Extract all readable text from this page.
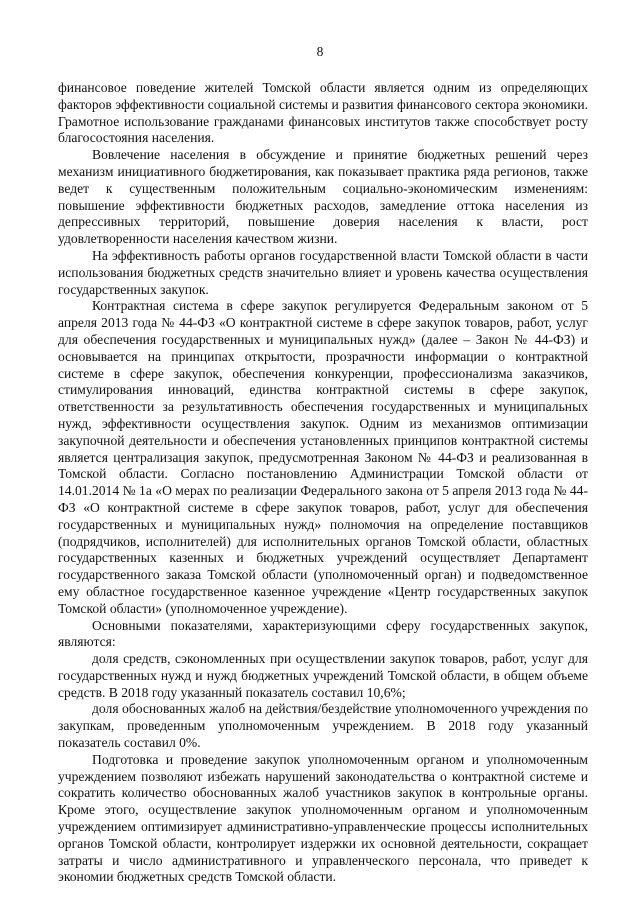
8

финансовое поведение жителей Томской области является одним из определяющих факторов эффективности социальной системы и развития финансового сектора экономики. Грамотное использование гражданами финансовых институтов также способствует росту благосостояния населения.

Вовлечение населения в обсуждение и принятие бюджетных решений через механизм инициативного бюджетирования, как показывает практика ряда регионов, также ведет к существенным положительным социально-экономическим изменениям: повышение эффективности бюджетных расходов, замедление оттока населения из депрессивных территорий, повышение доверия населения к власти, рост удовлетворенности населения качеством жизни.

На эффективность работы органов государственной власти Томской области в части использования бюджетных средств значительно влияет и уровень качества осуществления государственных закупок.

Контрактная система в сфере закупок регулируется Федеральным законом от 5 апреля 2013 года № 44-ФЗ «О контрактной системе в сфере закупок товаров, работ, услуг для обеспечения государственных и муниципальных нужд» (далее – Закон № 44-ФЗ) и основывается на принципах открытости, прозрачности информации о контрактной системе в сфере закупок, обеспечения конкуренции, профессионализма заказчиков, стимулирования инноваций, единства контрактной системы в сфере закупок, ответственности за результативность обеспечения государственных и муниципальных нужд, эффективности осуществления закупок. Одним из механизмов оптимизации закупочной деятельности и обеспечения установленных принципов контрактной системы является централизация закупок, предусмотренная Законом № 44-ФЗ и реализованная в Томской области. Согласно постановлению Администрации Томской области от 14.01.2014 № 1а «О мерах по реализации Федерального закона от 5 апреля 2013 года № 44-ФЗ «О контрактной системе в сфере закупок товаров, работ, услуг для обеспечения государственных и муниципальных нужд» полномочия на определение поставщиков (подрядчиков, исполнителей) для исполнительных органов Томской области, областных государственных казенных и бюджетных учреждений осуществляет Департамент государственного заказа Томской области (уполномоченный орган) и подведомственное ему областное государственное казенное учреждение «Центр государственных закупок Томской области» (уполномоченное учреждение).

Основными показателями, характеризующими сферу государственных закупок, являются:

доля средств, сэкономленных при осуществлении закупок товаров, работ, услуг для государственных нужд и нужд бюджетных учреждений Томской области, в общем объеме средств. В 2018 году указанный показатель составил 10,6%;

доля обоснованных жалоб на действия/бездействие уполномоченного учреждения по закупкам, проведенным уполномоченным учреждением. В 2018 году указанный показатель составил 0%.

Подготовка и проведение закупок уполномоченным органом и уполномоченным учреждением позволяют избежать нарушений законодательства о контрактной системе и сократить количество обоснованных жалоб участников закупок в контрольные органы. Кроме этого, осуществление закупок уполномоченным органом и уполномоченным учреждением оптимизирует административно-управленческие процессы исполнительных органов Томской области, контролирует издержки их основной деятельности, сокращает затраты и число административного и управленческого персонала, что приведет к экономии бюджетных средств Томской области.
